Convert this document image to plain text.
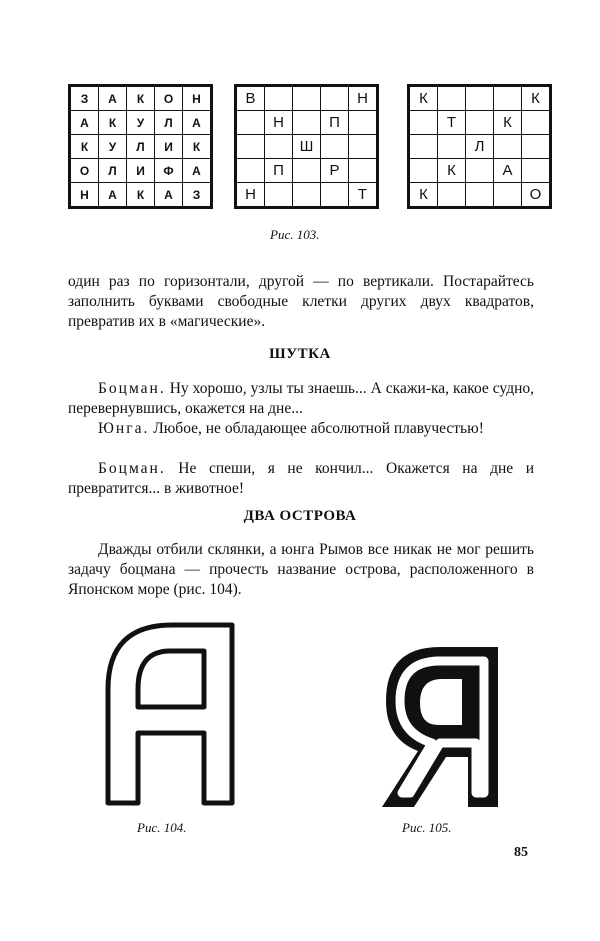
З	А	К	О	Н
А	К	У	Л	А
К	У	Л	И	К
О	Л	И	Ф	А
Н	А	К	А	З
В				Н
	Н		П	
		Ш		
	П		Р	
Н				Т
К				К
	Т		К	
		Л		
	К		А	
К				О
Рис. 103.

один раз по горизонтали, другой — по вертикали. Постарайтесь заполнить буквами свободные клетки других двух квадратов, превратив их в «магические».

ШУТКА

Боцман. Ну хорошо, узлы ты знаешь... А скажи-ка, какое судно, перевернувшись, окажется на дне...

Юнга. Любое, не обладающее абсолютной плавучестью!

Боцман. Не спеши, я не кончил... Окажется на дне и превратится... в животное!

ДВА ОСТРОВА

Дважды отбили склянки, а юнга Рымов все никак не мог решить задачу боцмана — прочесть название острова, расположенного в Японском море (рис. 104).

Рис. 104.	Рис. 105.
85
